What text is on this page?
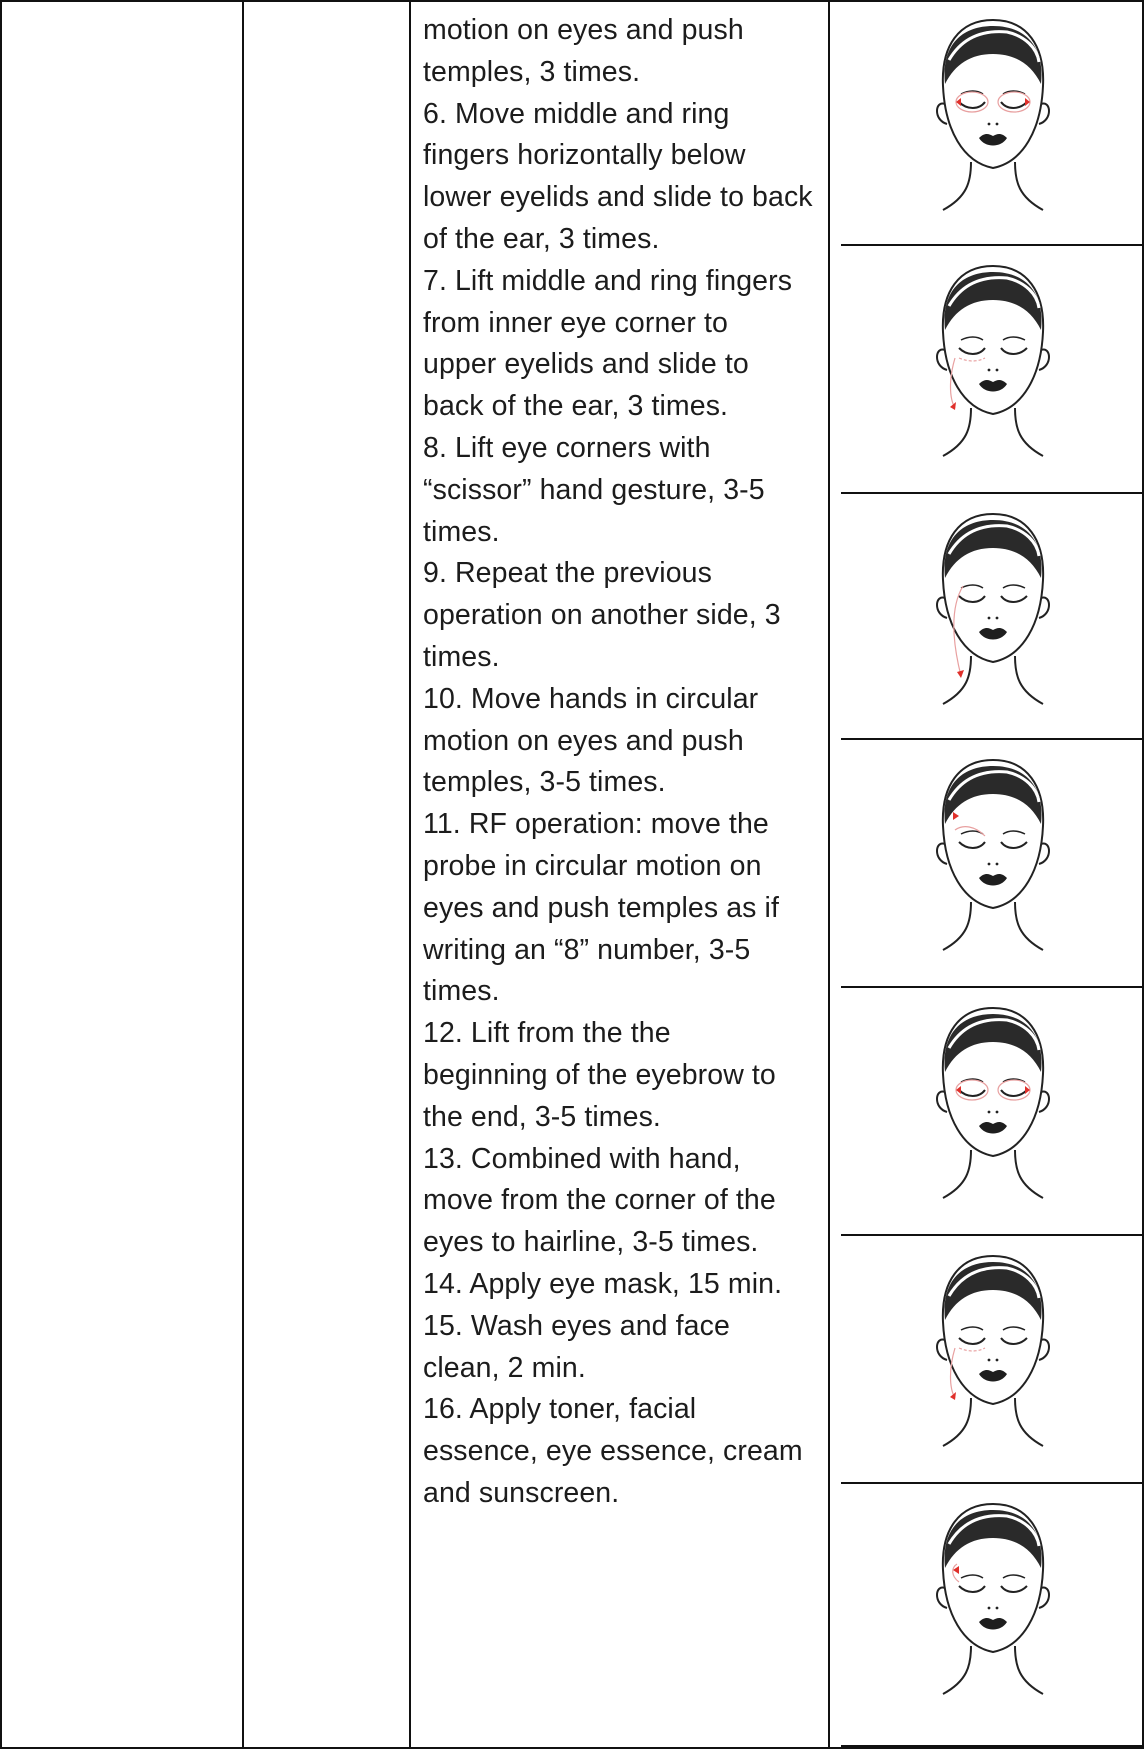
motion on eyes and push
temples, 3 times.
6. Move middle and ring
fingers horizontally below
lower eyelids and slide to back
of the ear, 3 times.
7. Lift middle and ring fingers
from inner eye corner to
upper eyelids and slide to
back of the ear, 3 times.
8. Lift eye corners with
“scissor” hand gesture, 3-5
times.
9. Repeat the previous
operation on another side, 3
times.
10. Move hands in circular
motion on eyes and push
temples, 3-5 times.
11. RF operation: move the
probe in circular motion on
eyes and push temples as if
writing an “8” number, 3-5
times.
12. Lift from the the
beginning of the eyebrow to
the end, 3-5 times.
13. Combined with hand,
move from the corner of the
eyes to hairline, 3-5 times.
14. Apply eye mask, 15 min.
15. Wash eyes and face
clean, 2 min.
16. Apply toner, facial
essence, eye essence, cream
and sunscreen.
